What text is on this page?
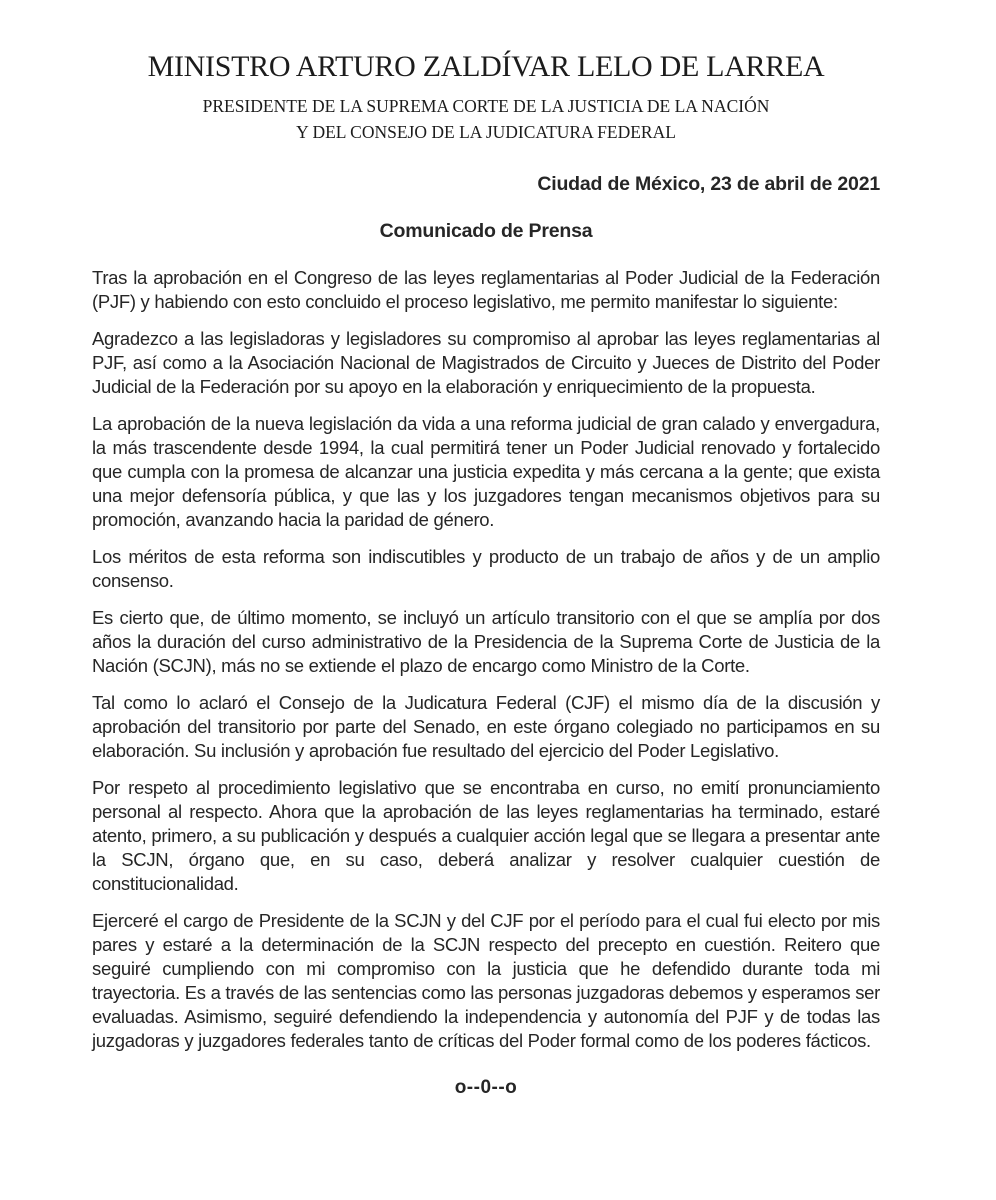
MINISTRO ARTURO ZALDÍVAR LELO DE LARREA
PRESIDENTE DE LA SUPREMA CORTE DE LA JUSTICIA DE LA NACIÓN
Y DEL CONSEJO DE LA JUDICATURA FEDERAL
Ciudad de México, 23 de abril de 2021
Comunicado de Prensa

Tras la aprobación en el Congreso de las leyes reglamentarias al Poder Judicial de la Federación (PJF) y habiendo con esto concluido el proceso legislativo, me permito manifestar lo siguiente:

Agradezco a las legisladoras y legisladores su compromiso al aprobar las leyes reglamentarias al PJF, así como a la Asociación Nacional de Magistrados de Circuito y Jueces de Distrito del Poder Judicial de la Federación por su apoyo en la elaboración y enriquecimiento de la propuesta.

La aprobación de la nueva legislación da vida a una reforma judicial de gran calado y envergadura, la más trascendente desde 1994, la cual permitirá tener un Poder Judicial renovado y fortalecido que cumpla con la promesa de alcanzar una justicia expedita y más cercana a la gente; que exista una mejor defensoría pública, y que las y los juzgadores tengan mecanismos objetivos para su promoción, avanzando hacia la paridad de género.

Los méritos de esta reforma son indiscutibles y producto de un trabajo de años y de un amplio consenso.

Es cierto que, de último momento, se incluyó un artículo transitorio con el que se amplía por dos años la duración del curso administrativo de la Presidencia de la Suprema Corte de Justicia de la Nación (SCJN), más no se extiende el plazo de encargo como Ministro de la Corte.

Tal como lo aclaró el Consejo de la Judicatura Federal (CJF) el mismo día de la discusión y aprobación del transitorio por parte del Senado, en este órgano colegiado no participamos en su elaboración. Su inclusión y aprobación fue resultado del ejercicio del Poder Legislativo.

Por respeto al procedimiento legislativo que se encontraba en curso, no emití pronunciamiento personal al respecto. Ahora que la aprobación de las leyes reglamentarias ha terminado, estaré atento, primero, a su publicación y después a cualquier acción legal que se llegara a presentar ante la SCJN, órgano que, en su caso, deberá analizar y resolver cualquier cuestión de constitucionalidad.

Ejerceré el cargo de Presidente de la SCJN y del CJF por el período para el cual fui electo por mis pares y estaré a la determinación de la SCJN respecto del precepto en cuestión. Reitero que seguiré cumpliendo con mi compromiso con la justicia que he defendido durante toda mi trayectoria. Es a través de las sentencias como las personas juzgadoras debemos y esperamos ser evaluadas. Asimismo, seguiré defendiendo la independencia y autonomía del PJF y de todas las juzgadoras y juzgadores federales tanto de críticas del Poder formal como de los poderes fácticos.

o--0--o
